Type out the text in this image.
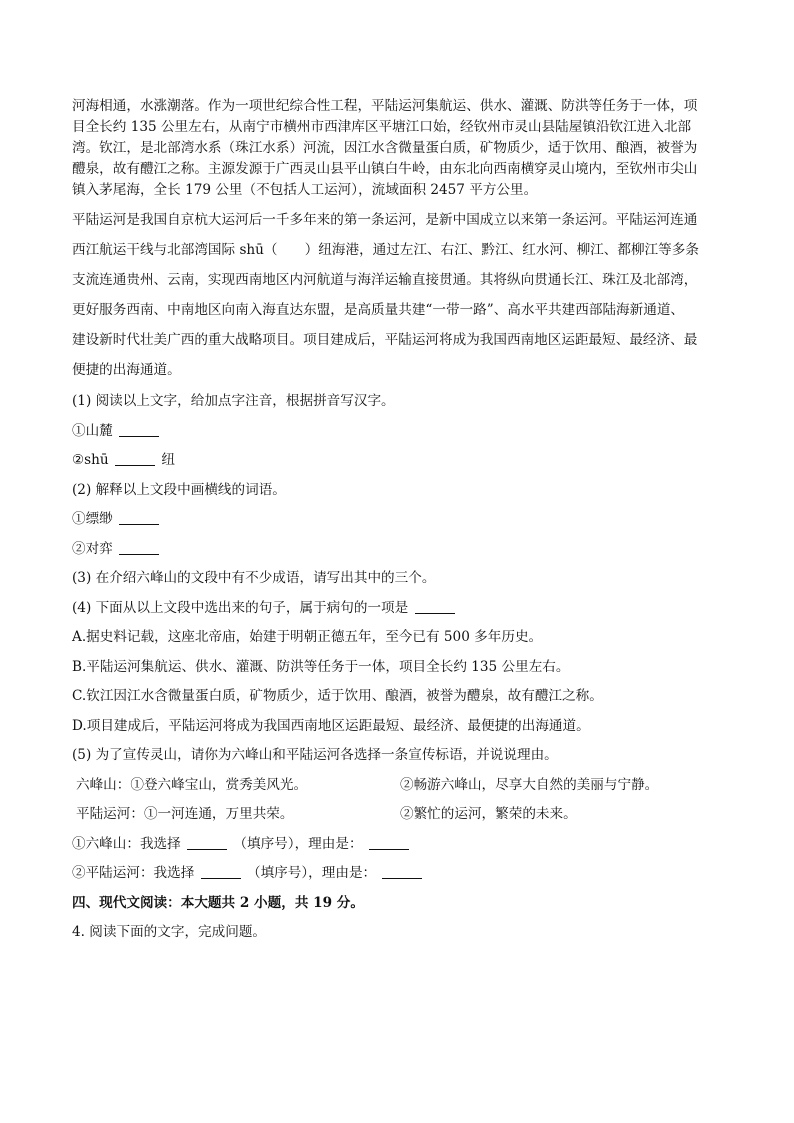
河海相通，水涨潮落。作为一项世纪综合性工程，平陆运河集航运、供水、灌溉、防洪等任务于一体，项

目全长约 135 公里左右，从南宁市横州市西津库区平塘江口始，经钦州市灵山县陆屋镇沿钦江进入北部

湾。钦江，是北部湾水系（珠江水系）河流，因江水含微量蛋白质，矿物质少，适于饮用、酿酒，被誉为

醴泉，故有醴江之称。主源发源于广西灵山县平山镇白牛岭，由东北向西南横穿灵山境内，至钦州市尖山

镇入茅尾海，全长 179 公里（不包括人工运河），流域面积 2457 平方公里。

平陆运河是我国自京杭大运河后一千多年来的第一条运河，是新中国成立以来第一条运河。平陆运河连通

西江航运干线与北部湾国际 shū（　　）纽海港，通过左江、右江、黔江、红水河、柳江、都柳江等多条

支流连通贵州、云南，实现西南地区内河航道与海洋运输直接贯通。其将纵向贯通长江、珠江及北部湾，

更好服务西南、中南地区向南入海直达东盟，是高质量共建“一带一路”、高水平共建西部陆海新通道、

建设新时代壮美广西的重大战略项目。项目建成后，平陆运河将成为我国西南地区运距最短、最经济、最

便捷的出海通道。

(1) 阅读以上文字，给加点字注音，根据拼音写汉字。

①山麓

②shū	纽

(2) 解释以上文段中画横线的词语。

①缥缈

②对弈

(3) 在介绍六峰山的文段中有不少成语，请写出其中的三个。

(4) 下面从以上文段中选出来的句子，属于病句的一项是

A.据史料记载，这座北帝庙，始建于明朝正德五年，至今已有 500 多年历史。

B.平陆运河集航运、供水、灌溉、防洪等任务于一体，项目全长约 135 公里左右。

C.钦江因江水含微量蛋白质，矿物质少，适于饮用、酿酒，被誉为醴泉，故有醴江之称。

D.项目建成后，平陆运河将成为我国西南地区运距最短、最经济、最便捷的出海通道。

(5) 为了宣传灵山，请你为六峰山和平陆运河各选择一条宣传标语，并说说理由。

六峰山：①登六峰宝山，赏秀美风光。	②畅游六峰山，尽享大自然的美丽与宁静。
平陆运河：①一河连通，万里共荣。	②繁忙的运河，繁荣的未来。

①六峰山：我选择	（填序号），理由是：

②平陆运河：我选择	（填序号），理由是：

四、现代文阅读：本大题共 2 小题，共 19 分。

4. 阅读下面的文字，完成问题。
